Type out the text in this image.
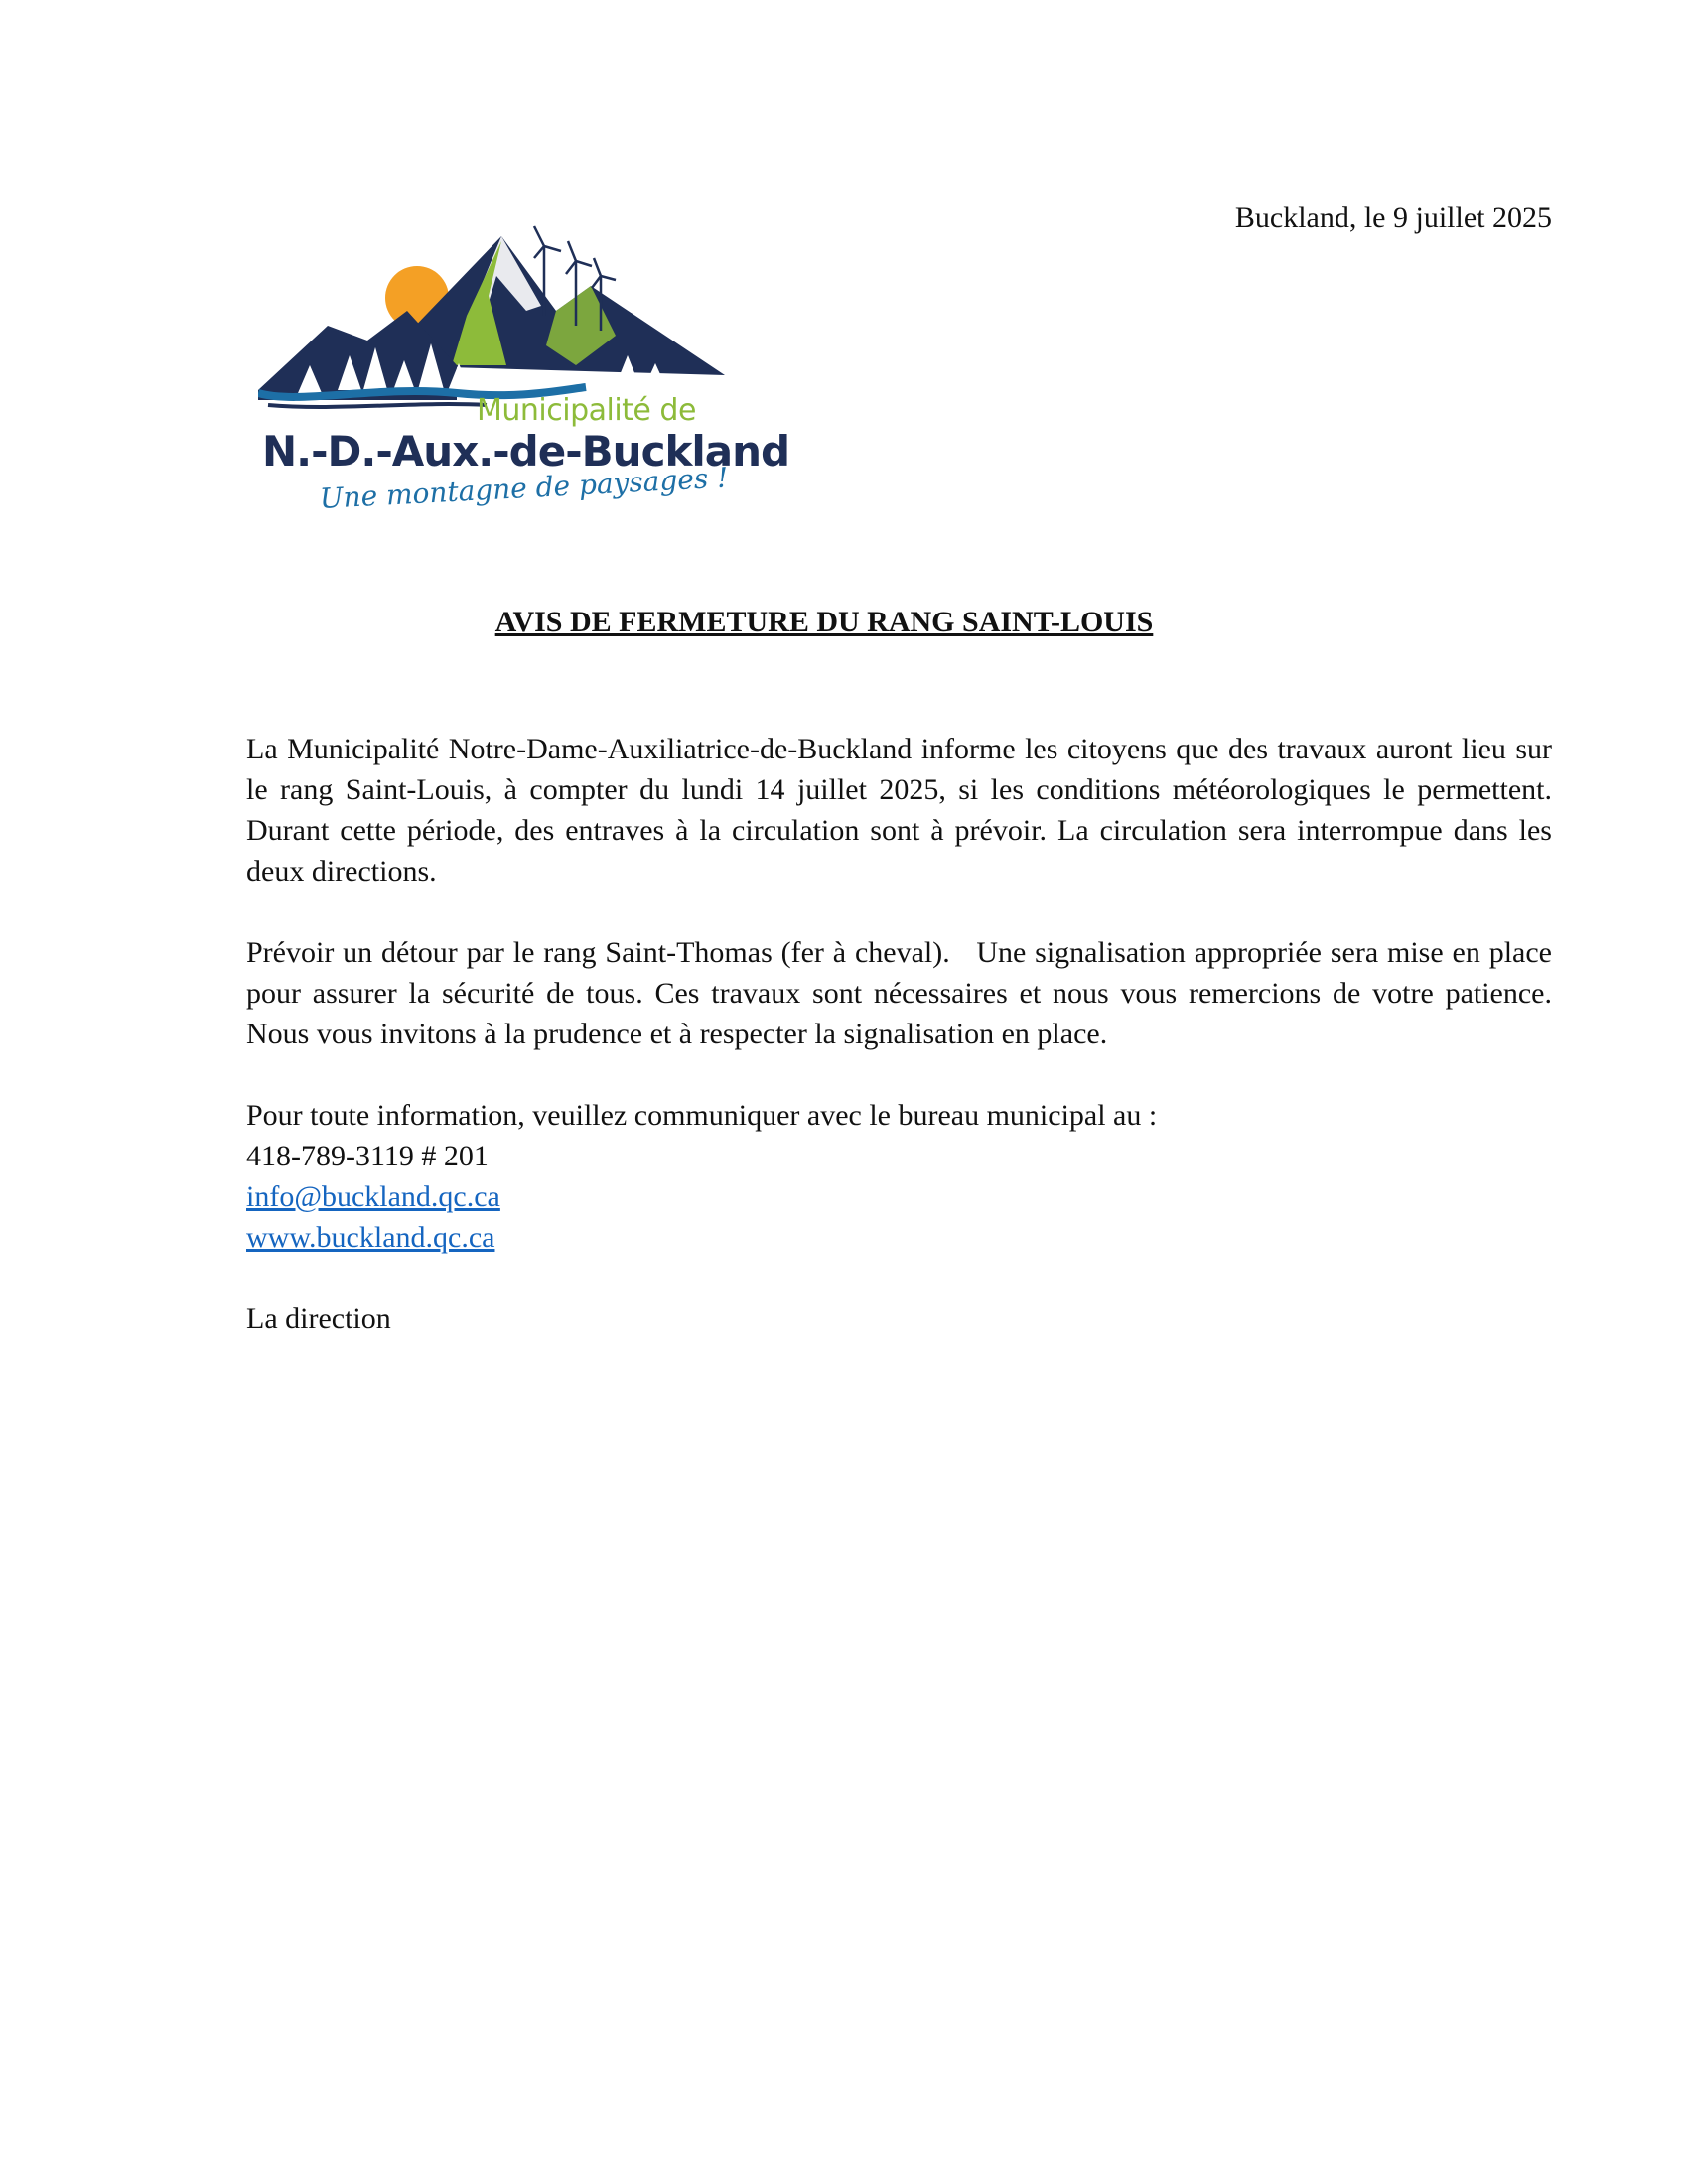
Buckland, le 9 juillet 2025
Municipalité de
N.-D.-Aux.-de-Buckland
Une montagne de paysages !
AVIS DE FERMETURE DU RANG SAINT-LOUIS

La Municipalité Notre-Dame-Auxiliatrice-de-Buckland informe les citoyens que des travaux auront lieu sur le rang Saint-Louis, à compter du lundi 14 juillet 2025, si les conditions météorologiques le permettent. Durant cette période, des entraves à la circulation sont à prévoir. La circulation sera interrompue dans les deux directions.

Prévoir un détour par le rang Saint-Thomas (fer à cheval).   Une signalisation appropriée sera mise en place pour assurer la sécurité de tous. Ces travaux sont nécessaires et nous vous remercions de votre patience. Nous vous invitons à la prudence et à respecter la signalisation en place.

Pour toute information, veuillez communiquer avec le bureau municipal au :
418-789-3119 # 201
info@buckland.qc.ca
www.buckland.qc.ca

La direction
